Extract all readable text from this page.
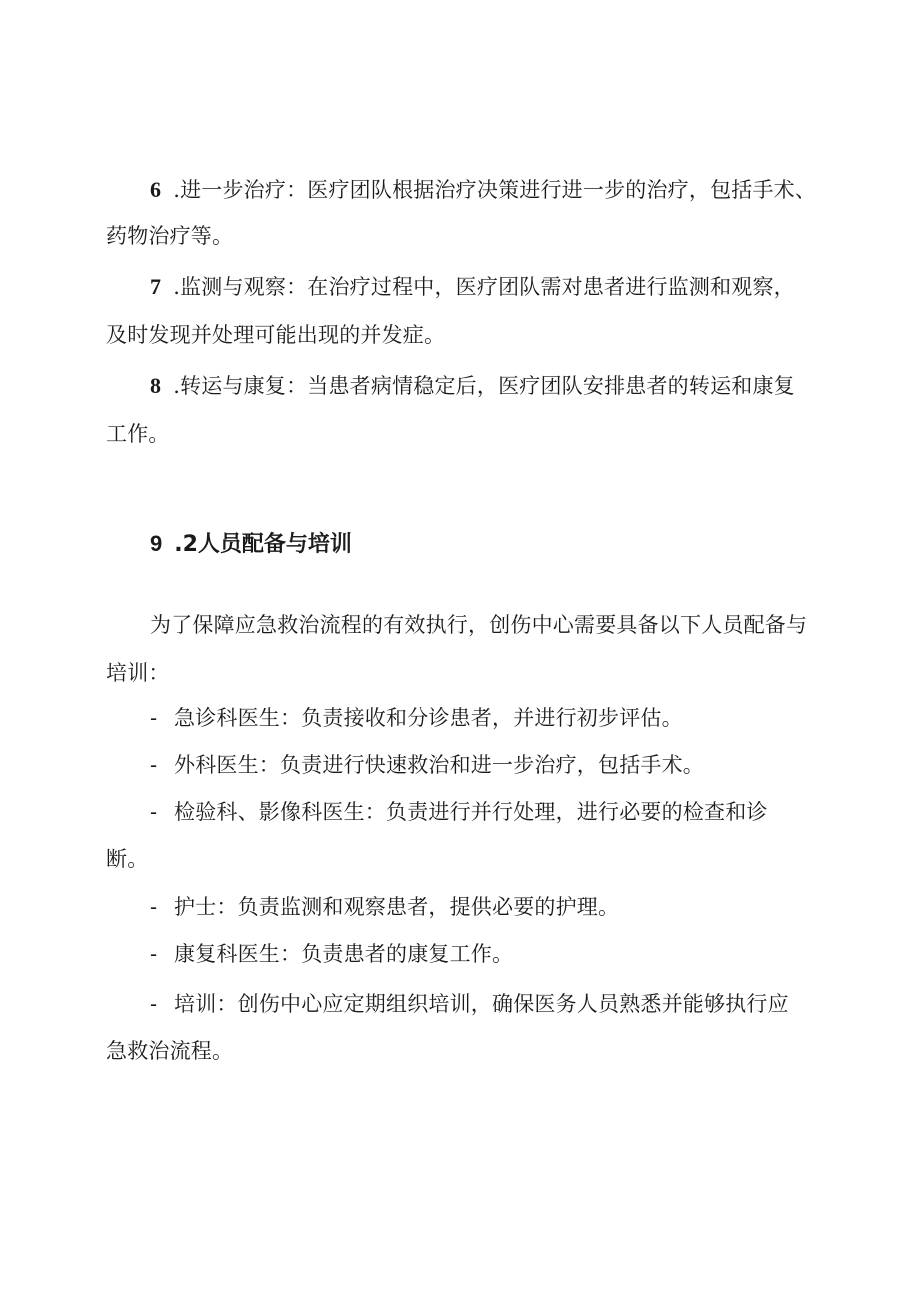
6 .进一步治疗：医疗团队根据治疗决策进行进一步的治疗，包括手术、
药物治疗等。
7 .监测与观察：在治疗过程中，医疗团队需对患者进行监测和观察，
及时发现并处理可能出现的并发症。
8 .转运与康复：当患者病情稳定后，医疗团队安排患者的转运和康复
工作。
9 .2人员配备与培训
为了保障应急救治流程的有效执行，创伤中心需要具备以下人员配备与
培训：
- 急诊科医生：负责接收和分诊患者，并进行初步评估。
- 外科医生：负责进行快速救治和进一步治疗，包括手术。
- 检验科、影像科医生：负责进行并行处理，进行必要的检查和诊
断。
- 护士：负责监测和观察患者，提供必要的护理。
- 康复科医生：负责患者的康复工作。
- 培训：创伤中心应定期组织培训，确保医务人员熟悉并能够执行应
急救治流程。
